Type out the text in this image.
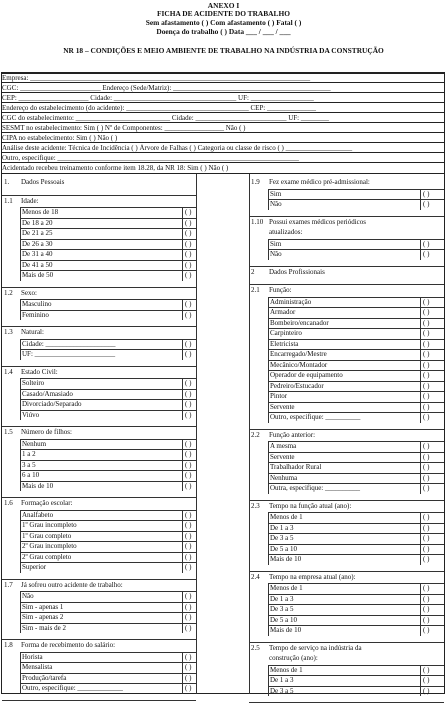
ANEXO I
FICHA DE ACIDENTE DO TRABALHO
Sem afastamento ( ) Com afastamento ( ) Fatal ( )
Doença do trabalho ( ) Data ___ / ___ / ___
NR 18 – CONDIÇÕES E MEIO AMBIENTE DE TRABALHO NA INDÚSTRIA DA CONSTRUÇÃO
Empresa: ________________________________________________________________________________
CGC: _______________________ Endereço (Sede/Matriz): _____________________________________________
CEP: ____________________ Cidade: ___________________________________ UF: __________________
Endereço do estabelecimento (do acidente): ___________________________________ CEP: ______________
CGC do estabelecimento: ___________________________ Cidade: __________________________ UF: ________
SESMT no estabelecimento: Sim ( ) Nº de Componentes: _________________ Não ( )
CIPA no estabelecimento: Sim ( ) Não ( )
Análise deste acidente: Técnica de Incidência ( ) Árvore de Falhas ( ) Categoria ou classe de risco ( ) ___________________
Outro, especifique: _____________________________________________________________________
Acidentado recebeu treinamento conforme item 18.28, da NR 18: Sim ( ) Não ( )
1.	Dados Pessoais
1.1	Idade:
Menos de 18	( )
De 18 a 20	( )
De 21 a 25	( )
De 26 a 30	( )
De 31 a 40	( )
De 41 a 50	( )
Mais de 50	( )
1.2	Sexo:
Masculino	( )
Feminino	( )
1.3	Natural:
Cidade: ____________________	( )
UF: _______________________	( )
1.4	Estado Civil:
Solteiro	( )
Casado/Amasiado	( )
Divorciado/Separado	( )
Viúvo	( )
1.5	Número de filhos:
Nenhum	( )
1 a 2	( )
3 a 5	( )
6 a 10	( )
Mais de 10	( )
1.6	Formação escolar:
Analfabeto	( )
1º Grau incompleto	( )
1º Grau completo	( )
2º Grau incompleto	( )
2º Grau completo	( )
Superior	( )
1.7	Já sofreu outro acidente de trabalho:
Não	( )
Sim - apenas 1	( )
Sim - apenas 2	( )
Sim - mais de 2	( )
1.8	Forma de recebimento do salário:
Horista	( )
Mensalista	( )
Produção/tarefa	( )
Outro, especifique: _____________	( )
1.9	Fez exame médico pré-admissional:
Sim	( )
Não	( )
1.10 Possui exames médicos periódicos
atualizados:
Sim	( )
Não	( )
2	Dados Profissionais
2.1	Função:
Administração	( )
Armador	( )
Bombeiro/encanador	( )
Carpinteiro	( )
Eletricista	( )
Encarregado/Mestre	( )
Mecânico/Montador	( )
Operador de equipamento	( )
Pedreiro/Estucador	( )
Pintor	( )
Servente	( )
Outro, especifique: __________	( )
2.2	Função anterior:
A mesma	( )
Servente	( )
Trabalhador Rural	( )
Nenhuma	( )
Outra, especifique: __________	( )
2.3	Tempo na função atual (ano):
Menos de 1	( )
De 1 a 3	( )
De 3 a 5	( )
De 5 a 10	( )
Mais de 10	( )
2.4	Tempo na empresa atual (ano):
Menos de 1	( )
De 1 a 3	( )
De 3 a 5	( )
De 5 a 10	( )
Mais de 10	( )
2.5	Tempo de serviço na indústria da
construção (ano):
Menos de 1	( )
De 1 a 3	( )
De 3 a 5	( )
